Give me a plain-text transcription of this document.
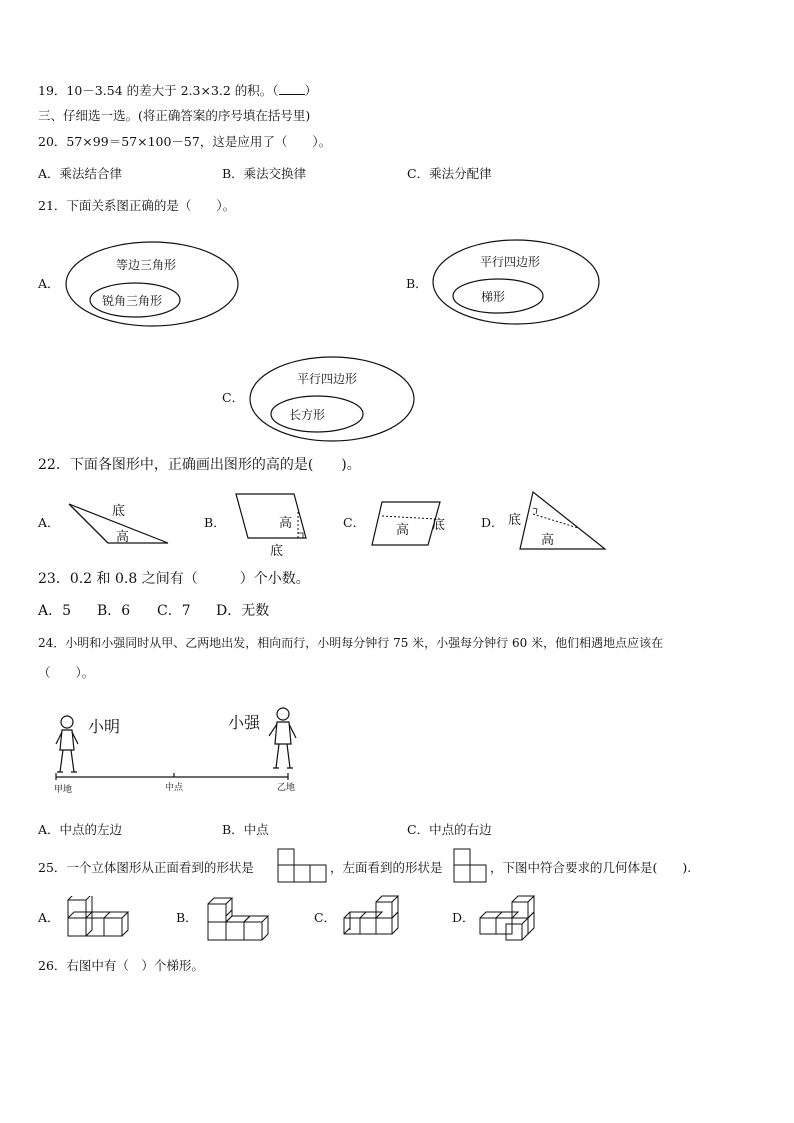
19．10－3.54 的差大于 2.3×3.2 的积。（ ）
三、仔细选一选。(将正确答案的序号填在括号里)
20．57×99＝57×100－57，这是应用了（　　）。
A．乘法结合律	B．乘法交换律	C．乘法分配律
21．下面关系图正确的是（　　）。
A．
等边三角形
锐角三角形
B．
平行四边形
梯形
C．
平行四边形
长方形
22．下面各图形中，正确画出图形的高的是(　　)。
A．
底
高
B．	高
底
C．
高 底	D． 底
高
23．0.2 和 0.8 之间有（　　　）个小数。
A．5 B．6 C．7 D．无数
24．小明和小强同时从甲、乙两地出发，相向而行，小明每分钟行 75 米，小强每分钟行 60 米，他们相遇地点应该在
（　　）。
小明	小强
甲地	中点	乙地
A．中点的左边	B．中点	C．中点的右边
25．一个立体图形从正面看到的形状是	，左面看到的形状是	，下图中符合要求的几何体是(　　).
A．	B．	C．	D．
26．右图中有（　）个梯形。
